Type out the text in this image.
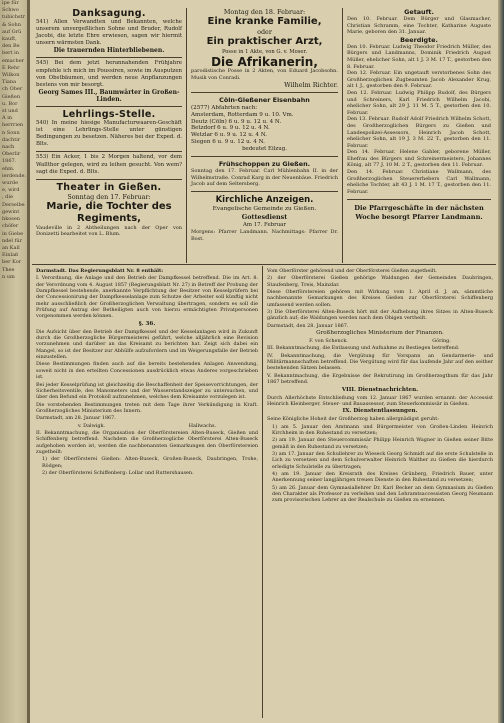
ipe für
Schwo
tubichstr
& Sohn
auf Grü
kauft,
den Be
bert in
emacher
E Rehr
Wilkon
Tiana
ch Ober
Gießen
u. Bor
st und
A in
herrrien
n Sonn
dachtir
nach
Oberlir
1867.
ehm.
ierdende.
wurde
e, wird
, die
Derselbe
gewint
hkosen
chöfer
in Giebe
ndel für
an Kall
Einlaß
ber Kor
Thee
n um
Danksagung.

541) Allen Verwandten und Bekannten, welche unserem unvergeßlichen Sohne und Bruder, Rudolf Jacobi, die letzte Ehre erwiesen, sagen wir hiermit unsern wärmsten Dank.

Die trauernden Hinterbliebenen.

545) Bei dem jetzt herannahenden Frühjahre empfehle ich mich im Poussiren, sowie im Ausputzen von Obstbäumen, und werden neue Anpflanzungen bestens von mir besorgt.

Georg Sames III., Baumwärter in Großen-Linden.
Lehrlings-Stelle.

540) In meine hiesige Manufacturwaaren-Geschäft ist eine Lehrlings-Stelle unter günstigen Bedingungen zu besetzen. Näheres bei der Exped. d. Blts.

553) Ein Acker, 1 bis 2 Morgen haltend, vor dem Wallthor gelegen, wird zu leihen gesucht. Von wem? sagt die Exped. d. Blts.

Theater in Gießen.
Sonntag den 17. Februar:
Marie, die Tochter des Regiments,

Vaudeville in 2 Abtheilungen nach der Oper von Donizetti bearbeitet von L. Blum.

Montag den 18. Februar:
Eine kranke Familie,
oder
Ein praktischer Arzt,
Posse in 1 Akte, von G. v. Moser.
Die Afrikanerin,

parodistische Posse in 2 Akten, von Eduard Jacobsohn. Musik von Conradi.

Wilhelm Richter.
Cöln-Gießener Eisenbahn
(2577) Abfahrten nach:
Amsterdam, Rotterdam 9 u. 10. Vm.
Deutz (Cöln) 6 u. 9 u. 12 u. 4 N.
Betzdorf 6 u. 9 u. 12 u. 4 N.
Wetzlar 6 u. 9 u. 12 u. 4 N.
Siegen 6 u. 9 u. 12 u. 4 N.
bedeutet Eilzug.
Frühschoppen zu Gießen.

Sonntag den 17. Februar. Carl Mühlenbahn II. in der Wilhelmstraße. Conrad Karg in der Neuenbäue. Friedrich Jacob auf dem Seltersberg.

Kirchliche Anzeigen.
Evangelische Gemeinde zu Gießen.
Gottesdienst
Am 17. Februar

Morgens: Pfarrer Landmann. Nachmittags: Pfarrer Dr. Bost.

Getauft.

Den 10. Februar. Dem Bürger und Glasmacher, Christian Schramm, eine Tochter, Katharine Auguste Marie, geboren den 31. Januar.

Beerdigte.

Den 10. Februar. Ludwig Theodor Friedrich Müller, des Bürgers und Landmanns, Dominik Friedrich August Müller, ehelicher Sohn, alt 1 J. 3 M. 17 T., gestorben den 8. Februar.

Den 12. Februar. Ein ungetauft verstorbenes Sohn des Großherzoglichen Zugbeamten Jacob Alexander Krug, alt 1 J., gestorben den 9. Februar.

Den 12. Februar. Ludwig Philipp Rudolf, des Bürgers und Schreiners, Karl Friedrich Wilhelm Jacobi, ehelicher Sohn, alt 29 J. 11 M. 5 T., gestorben den 10. Februar.

Den 13. Februar. Rudolf Adolf Friedrich Wilhelm Schott, des Großherzoglichen Bürgers zu Gießen und Landespolizei-Assessors, Heinrich Jacob Schott, ehelicher Sohn, alt 19 J. 3 M. 22 T., gestorben den 11. Februar.

Den 14. Februar. Helene Gahler, geborene Müller, Ehefrau des Bürgers und Schreinermeisters, Johannes König, alt 77 J. 10 M. 2 T., gestorben den 11. Februar.

Den 14. Februar. Christiane Wallmann, des Großherzoglichen Steuererhebers Carl Wallmann, eheliche Tochter, alt 43 J. 1 M. 17 T., gestorben den 11. Februar.

Die Pfarrgeschäfte in der nächsten Woche besorgt Pfarrer Landmann.

Darmstadt. Das Regierungsblatt Nr. 8 enthält:

I. Verordnung, die Anlage und den Betrieb der Dampfkessel betreffend. Die im Art. 8. der Verordnung vom 4. August 1857 (Regierungsblatt Nr. 27) in Betreff der Probung der Dampfkessel bestehende, anerkannte Verpflichtung der Besitzer von Kesselprüfern bei der Concessionirung der Dampfkesselanlage zum Schutze der Arbeiter soll künftig nicht mehr ausschließlich der Großherzoglichen Verwaltung übertragen, sondern es soll die Prüfung auf Antrag der Betheiligten auch von hierzu ermächtigten Privatpersonen vorgenommen werden können.

§. 36.

Die Aufsicht über den Betrieb der Dampfkessel und der Kesselanlagen wird in Zukunft durch die Großherzogliche Bürgermeisterei geführt, welche alljährlich eine Revision vorzunehmen und darüber an das Kreisamt zu berichten hat. Zeigt sich dabei ein Mangel, so ist der Besitzer zur Abhülfe aufzufordern und im Weigerungsfalle der Betrieb einzustellen.

Diese Bestimmungen finden auch auf die bereits bestehenden Anlagen Anwendung, soweit nicht in den erteilten Concessionen ausdrücklich etwas Anderes vorgeschrieben ist.

Bei jeder Kesselprüfung ist gleichzeitig die Beschaffenheit der Speisevorrichtungen, der Sicherheitsventile, des Manometers und der Wasserstandszeiger zu untersuchen, und über den Befund ein Protokoll aufzunehmen, welches dem Kreisamte vorzulegen ist.

Die vorstehenden Bestimmungen treten mit dem Tage ihrer Verkündigung in Kraft. Großherzogliches Ministerium des Innern.

Darmstadt, am 28. Januar 1867.

v. Dalwigk.	Hallwachs.

II. Bekanntmachung, die Organisation der Oberförstereien Alten-Buseck, Gießen und Schiffenberg betreffend. Nachdem die Großherzogliche Oberförsterei Alten-Buseck aufgehoben worden ist, werden die nachbenannten Gemarkungen den Oberförstereien zugetheilt:

1) der Oberförsterei Gießen: Alten-Buseck, Großen-Buseck, Daubringen, Trohe, Rödgen;

2) der Oberförsterei Schiffenberg: Lollar und Ruttershausen.

Vom Oberförster gehörend und der Oberförsterei Gießen zugetheilt.

2) der Oberförsterei Gießen gehörige Waldungen der Gemeinden Daubringen, Staufenberg, Treis, Mainzlar.

Diese Oberförstereien gehören mit Wirkung vom 1. April d. J. an, sämmtliche nachbenannte Gemarkungen des Kreises Gießen zur Oberförsterei Schiffenberg umfassend werden sollen.

3) Die Oberförsterei Alten-Buseck hört mit der Aufhebung ihres Sitzes in Alten-Buseck gänzlich auf; die Waldungen werden nach dem Obigen vertheilt.

Darmstadt, den 28. Januar 1867.

Großherzogliches Ministerium der Finanzen.
F. von Schenck.	Göring.

III. Bekanntmachung, die Entlassung und Aufnahme zu Bestiegen betreffend.

IV. Bekanntmachung, die Vergütung für Vorspann an Gendarmerie- und Militärmannschaften betreffend. Die Vergütung wird für das laufende Jahr auf den seither bestehenden Sätzen belassen.

V. Bekanntmachung, die Ergebnisse der Rekrutirung im Großherzogthum für das Jahr 1867 betreffend.

VIII. Dienstnachrichten.

Durch Allerhöchste Entschließung vom 12. Januar 1867 wurden ernannt: der Accessist Heinrich Kleinberger, Steuer- und Bauassessor, zum Steuerkommissär in Gießen.

IX. Dienstentlassungen.

Seine Königliche Hoheit der Großherzog haben allergnädigst geruht:

1) am 5. Januar den Amtmann und Bürgermeister von Großen-Linden Heinrich Kirchheim in den Ruhestand zu versetzen;

2) am 19. Januar den Steuercommissär Philipp Heinrich Wagner in Gießen seiner Bitte gemäß in den Ruhestand zu versetzen;

3) am 17. Januar den Schullehrer zu Wieseck Georg Schmidt auf die erste Schulstelle in Lich zu versetzen und dem Schulverwalter Heinrich Walther zu Gießen die hierdurch erledigte Schulstelle zu übertragen;

4) am 19. Januar den Kreisrath des Kreises Grünberg, Friedrich Bauer, unter Anerkennung seiner langjährigen treuen Dienste in den Ruhestand zu versetzen;

5) am 26. Januar dem Gymnasiallehrer Dr. Karl Becker an dem Gymnasium zu Gießen den Charakter als Professor zu verleihen und den Lehramtsaccessisten Georg Neumann zum provisorischen Lehrer an der Realschule zu Gießen zu ernennen.
